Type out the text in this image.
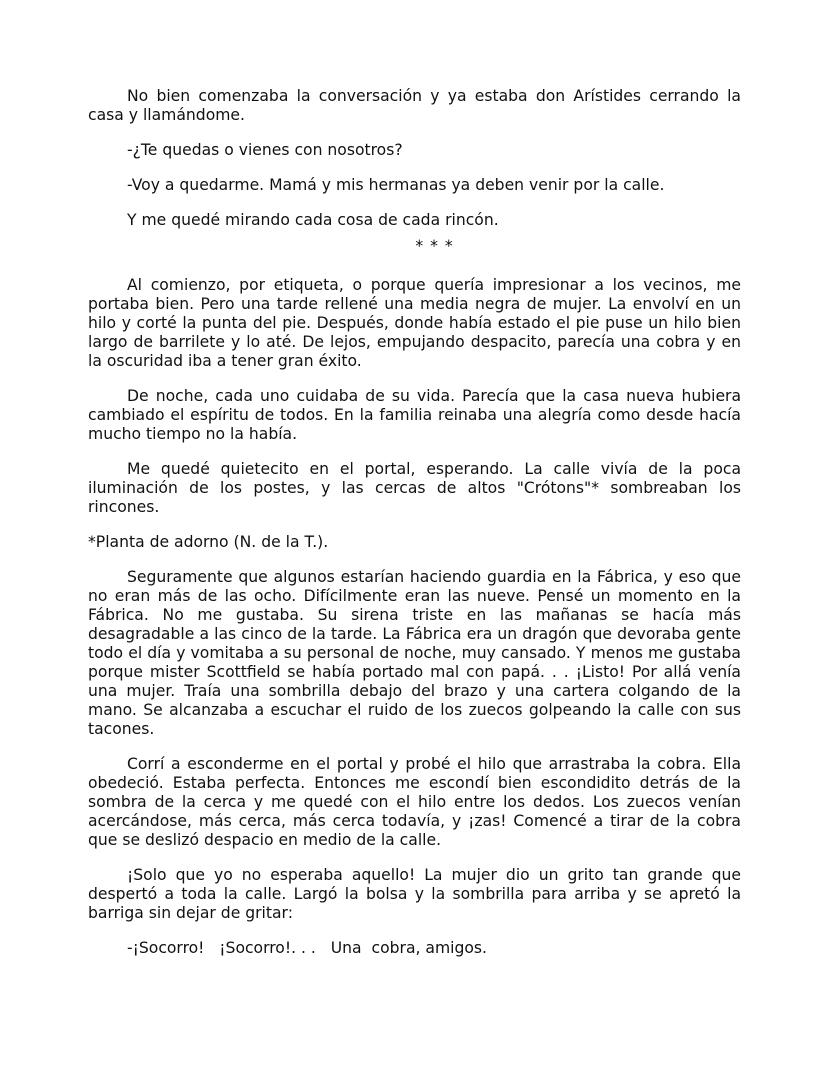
No bien comenzaba la conversación y ya estaba don Arístides cerrando la casa y llamándome.

-¿Te quedas o vienes con nosotros?

-Voy a quedarme. Mamá y mis hermanas ya deben venir por la calle.

Y me quedé mirando cada cosa de cada rincón.

* * *

Al comienzo, por etiqueta, o porque quería impresionar a los vecinos, me portaba bien. Pero una tarde rellené una media negra de mujer. La envolví en un hilo y corté la punta del pie. Después, donde había estado el pie puse un hilo bien largo de barrilete y lo até. De lejos, empujando despacito, parecía una cobra y en la oscuridad iba a tener gran éxito.

De noche, cada uno cuidaba de su vida. Parecía que la casa nueva hubiera cambiado el espíritu de todos. En la familia reinaba una alegría como desde hacía mucho tiempo no la había.

Me quedé quietecito en el portal, esperando. La calle vivía de la poca iluminación de los postes, y las cercas de altos "Crótons"* sombreaban los rincones.

*Planta de adorno (N. de la T.).

Seguramente que algunos estarían haciendo guardia en la Fábrica, y eso que no eran más de las ocho. Difícilmente eran las nueve. Pensé un momento en la Fábrica. No me gustaba. Su sirena triste en las mañanas se hacía más desagradable a las cinco de la tarde. La Fábrica era un dragón que devoraba gente todo el día y vomitaba a su personal de noche, muy cansado. Y menos me gustaba porque mister Scottfield se había portado mal con papá. . . ¡Listo! Por allá venía una mujer. Traía una sombrilla debajo del brazo y una cartera colgando de la mano. Se alcanzaba a escuchar el ruido de los zuecos golpeando la calle con sus tacones.

Corrí a esconderme en el portal y probé el hilo que arrastraba la cobra. Ella obedeció. Estaba perfecta. Entonces me escondí bien escondidito detrás de la sombra de la cerca y me quedé con el hilo entre los dedos. Los zuecos venían acercándose, más cerca, más cerca todavía, y ¡zas! Comencé a tirar de la cobra que se deslizó despacio en medio de la calle.

¡Solo que yo no esperaba aquello! La mujer dio un grito tan grande que despertó a toda la calle. Largó la bolsa y la sombrilla para arriba y se apretó la barriga sin dejar de gritar:

-¡Socorro!   ¡Socorro!. . .   Una  cobra, amigos.
